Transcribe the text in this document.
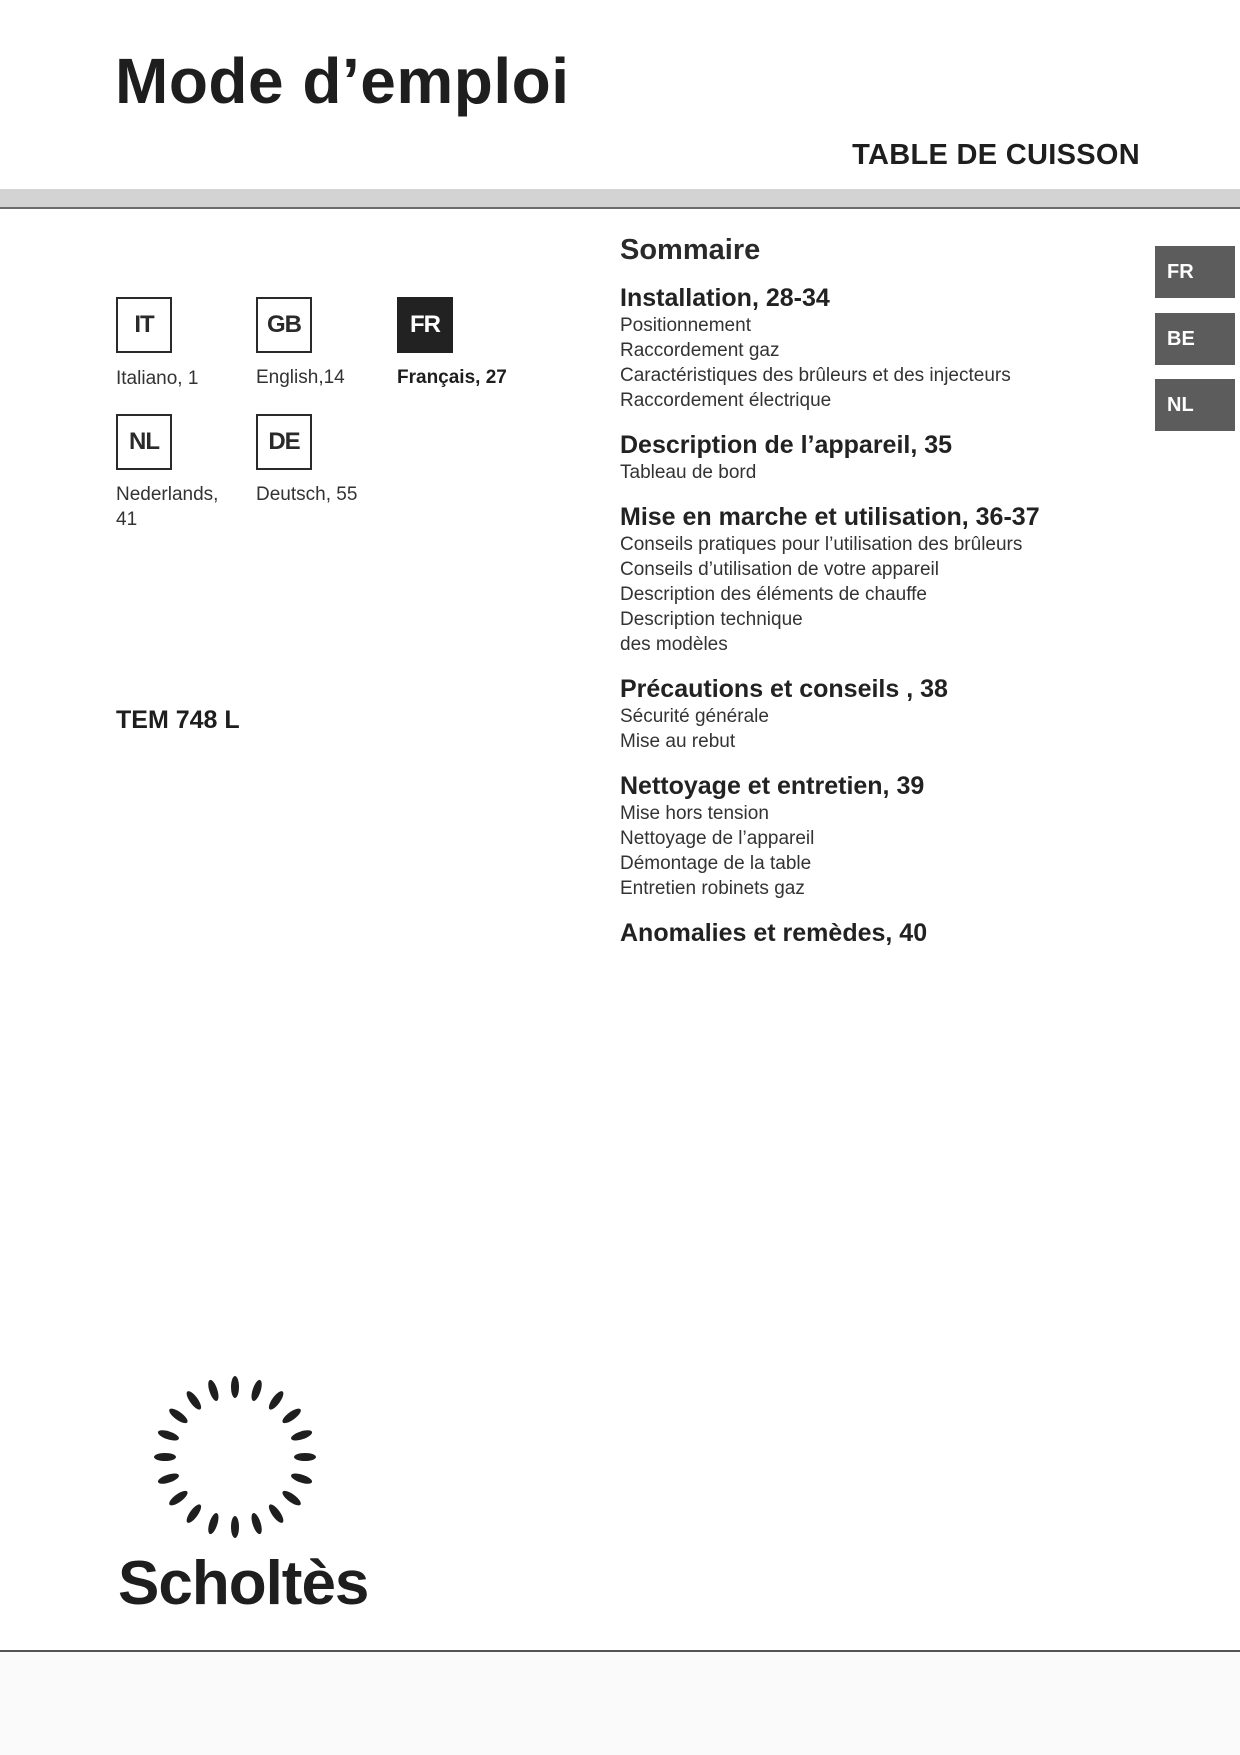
Mode d’emploi
TABLE DE CUISSON
IT	GB	FR
Italiano, 1	English,14	Français, 27
NL	DE
Nederlands, 41
Deutsch, 55
TEM 748 L
Sommaire
Installation, 28-34
Positionnement
Raccordement gaz
Caractéristiques des brûleurs et des injecteurs
Raccordement électrique
Description de l’appareil, 35
Tableau de bord
Mise en marche et utilisation, 36-37
Conseils pratiques pour l’utilisation des brûleurs
Conseils d’utilisation de votre appareil
Description des éléments de chauffe
Description technique
des modèles
Précautions et conseils , 38
Sécurité générale
Mise au rebut
Nettoyage et entretien, 39
Mise hors tension
Nettoyage de l’appareil
Démontage de la table
Entretien robinets gaz
Anomalies et remèdes, 40
FR
BE
NL
Scholtès
